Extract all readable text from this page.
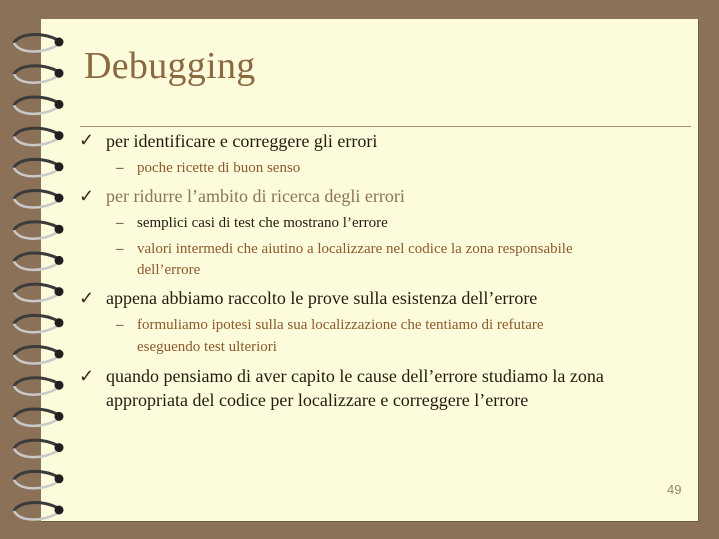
Debugging
✓ per identificare e correggere gli errori
– poche ricette di buon senso
✓ per ridurre l’ambito di ricerca degli errori
– semplici casi di test che mostrano l’errore
– valori intermedi che aiutino a localizzare nel codice la zona responsabile
dell’errore
✓ appena abbiamo raccolto le prove sulla esistenza dell’errore
– formuliamo ipotesi sulla sua localizzazione che tentiamo di refutare
eseguendo test ulteriori
✓ quando pensiamo di aver capito le cause dell’errore studiamo la zona
appropriata del codice per localizzare e correggere l’errore
49
